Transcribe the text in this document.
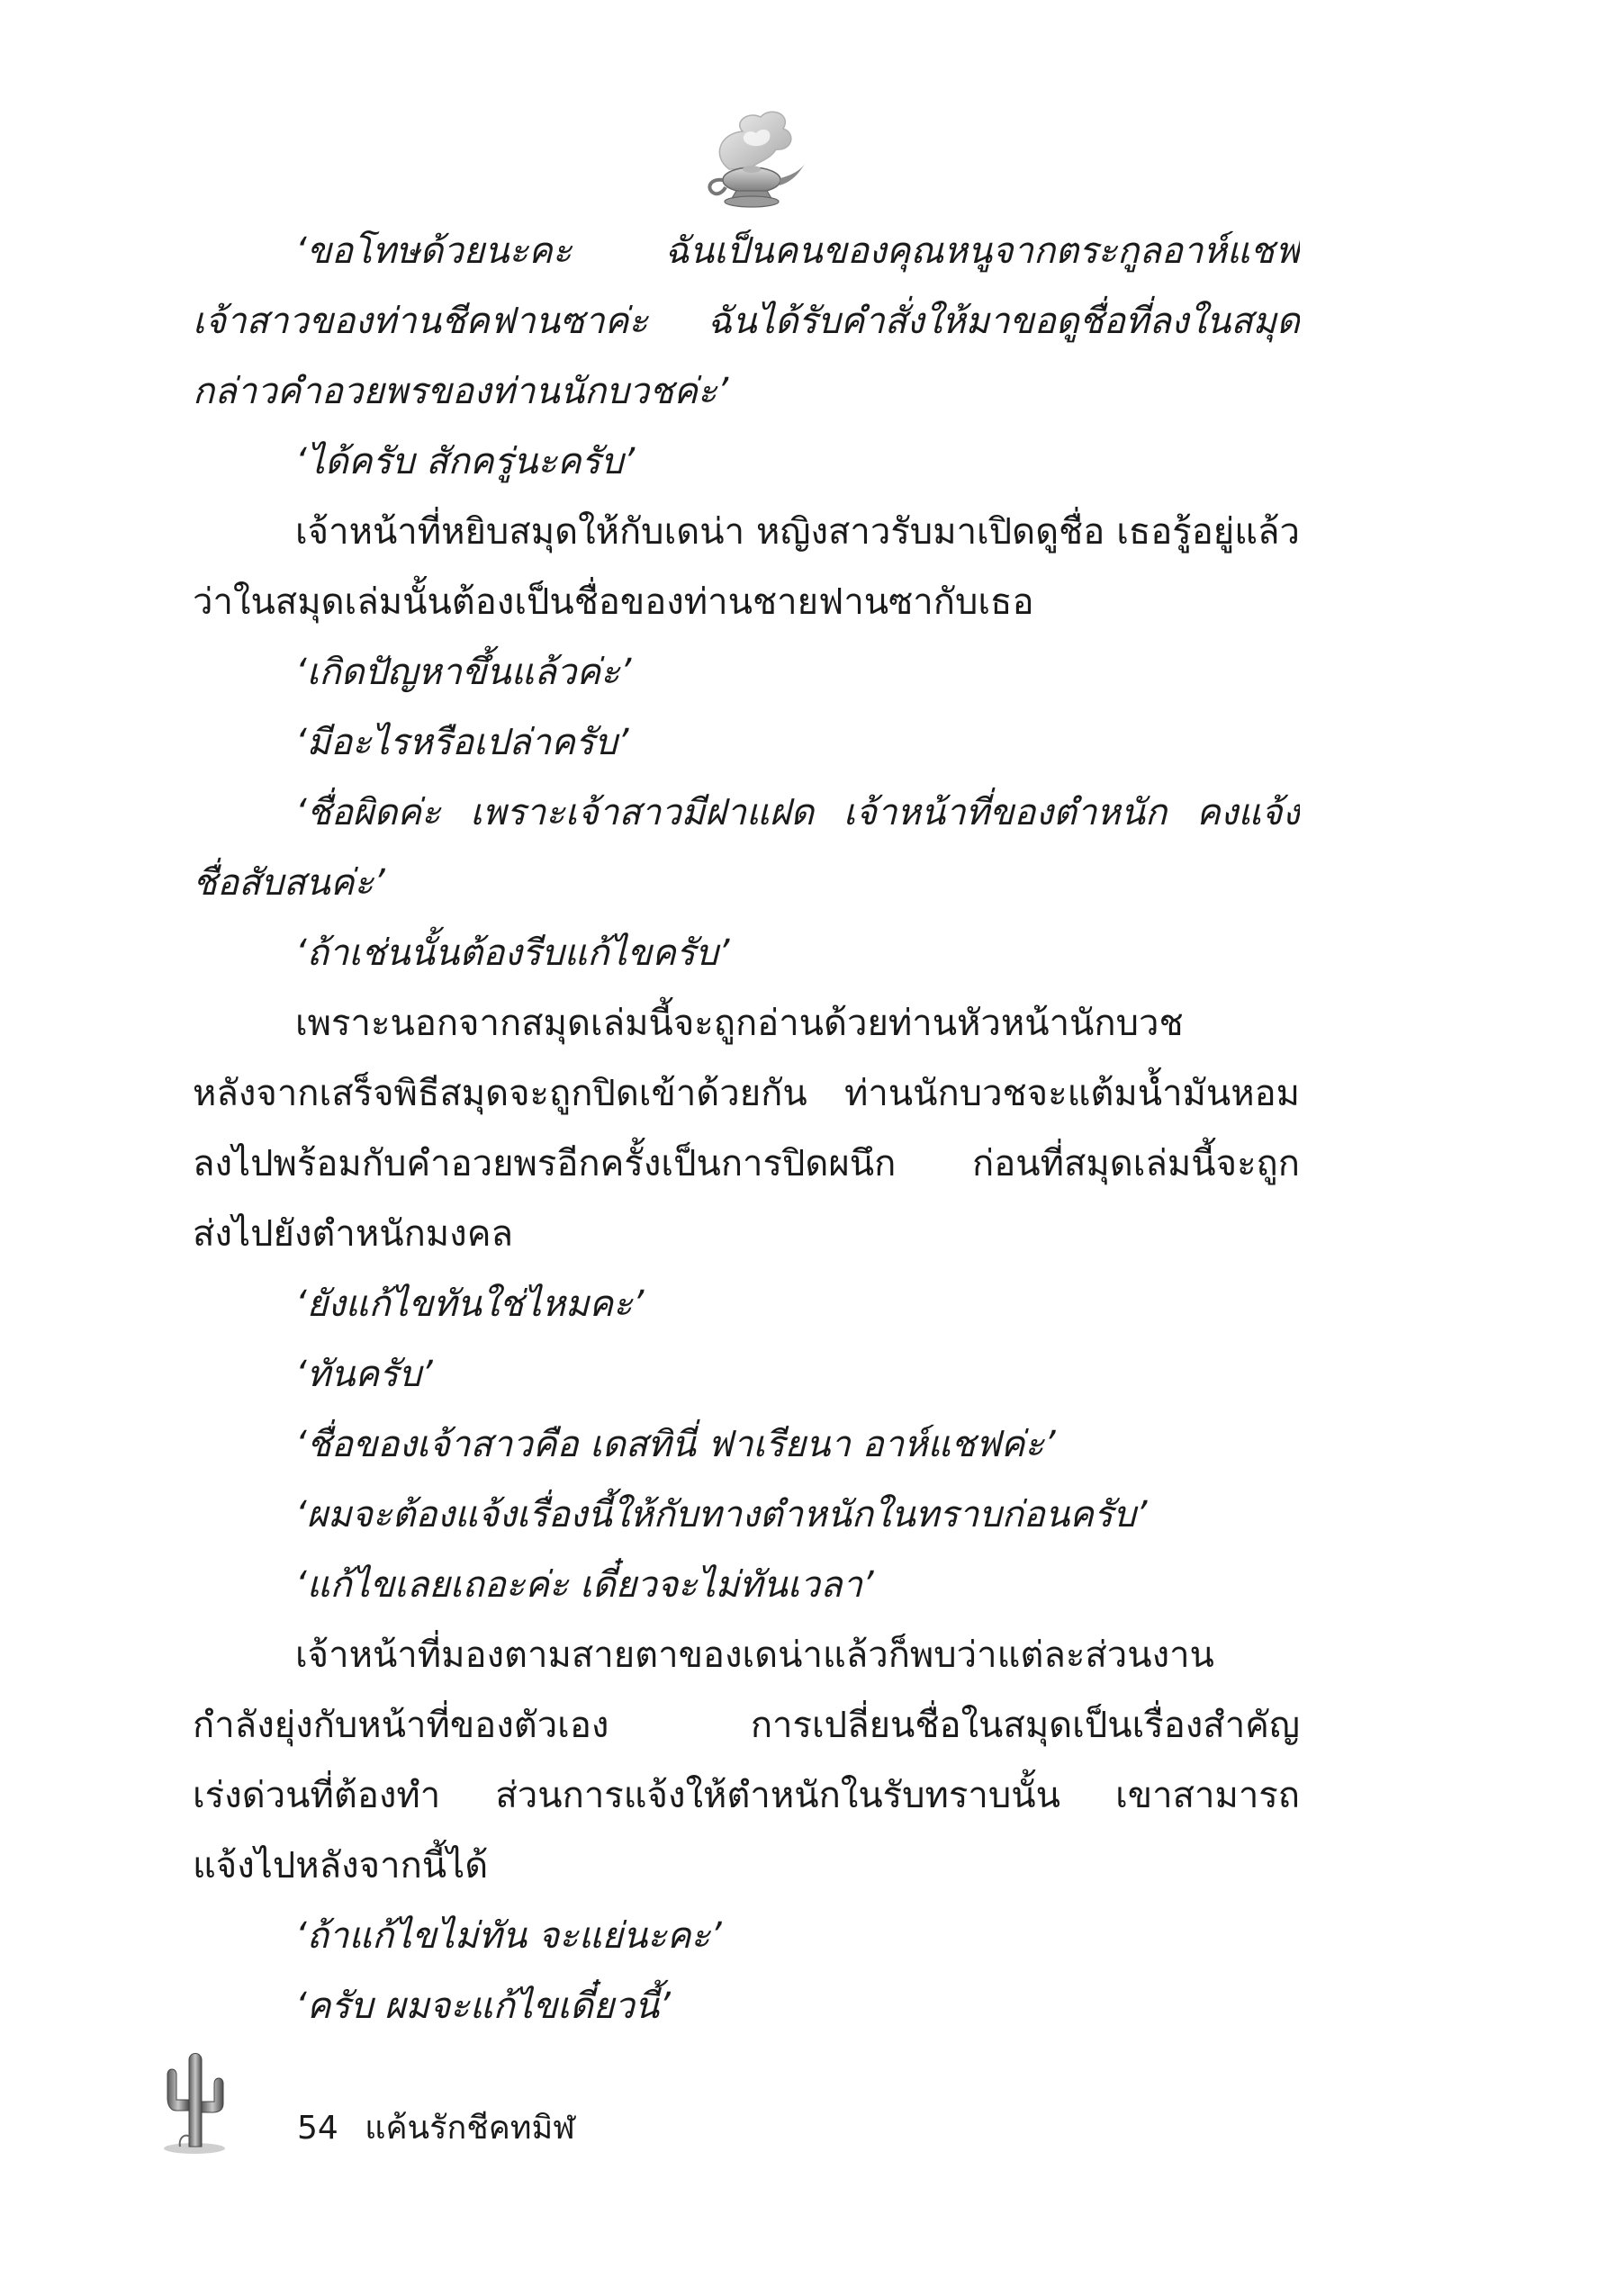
‘ขอโทษด้วยนะคะ ฉันเป็นคนของคุณหนูจากตระกูลอาห์แชฟ
เจ้าสาวของท่านชีคฟานซาค่ะ ฉันได้รับคำสั่งให้มาขอดูชื่อที่ลงในสมุด
กล่าวคำอวยพรของท่านนักบวชค่ะ’
‘ได้ครับ สักครู่นะครับ’
เจ้าหน้าที่หยิบสมุดให้กับเดน่า หญิงสาวรับมาเปิดดูชื่อ เธอรู้อยู่แล้ว
ว่าในสมุดเล่มนั้นต้องเป็นชื่อของท่านชายฟานซากับเธอ
‘เกิดปัญหาขึ้นแล้วค่ะ’
‘มีอะไรหรือเปล่าครับ’
‘ชื่อผิดค่ะ เพราะเจ้าสาวมีฝาแฝด เจ้าหน้าที่ของตำหนัก คงแจ้ง
ชื่อสับสนค่ะ’
‘ถ้าเช่นนั้นต้องรีบแก้ไขครับ’
เพราะนอกจากสมุดเล่มนี้จะถูกอ่านด้วยท่านหัวหน้านักบวช
หลังจากเสร็จพิธีสมุดจะถูกปิดเข้าด้วยกัน ท่านนักบวชจะแต้มน้ำมันหอม
ลงไปพร้อมกับคำอวยพรอีกครั้งเป็นการปิดผนึก ก่อนที่สมุดเล่มนี้จะถูก
ส่งไปยังตำหนักมงคล
‘ยังแก้ไขทันใช่ไหมคะ’
‘ทันครับ’
‘ชื่อของเจ้าสาวคือ เดสทินี่ ฟาเรียนา อาห์แชฟค่ะ’
‘ผมจะต้องแจ้งเรื่องนี้ให้กับทางตำหนักในทราบก่อนครับ’
‘แก้ไขเลยเถอะค่ะ เดี๋ยวจะไม่ทันเวลา’
เจ้าหน้าที่มองตามสายตาของเดน่าแล้วก็พบว่าแต่ละส่วนงาน
กำลังยุ่งกับหน้าที่ของตัวเอง การเปลี่ยนชื่อในสมุดเป็นเรื่องสำคัญ
เร่งด่วนที่ต้องทำ ส่วนการแจ้งให้ตำหนักในรับทราบนั้น เขาสามารถ
แจ้งไปหลังจากนี้ได้
‘ถ้าแก้ไขไม่ทัน จะแย่นะคะ’
‘ครับ ผมจะแก้ไขเดี๋ยวนี้’
54 แค้นรักชีคทมิฬ
